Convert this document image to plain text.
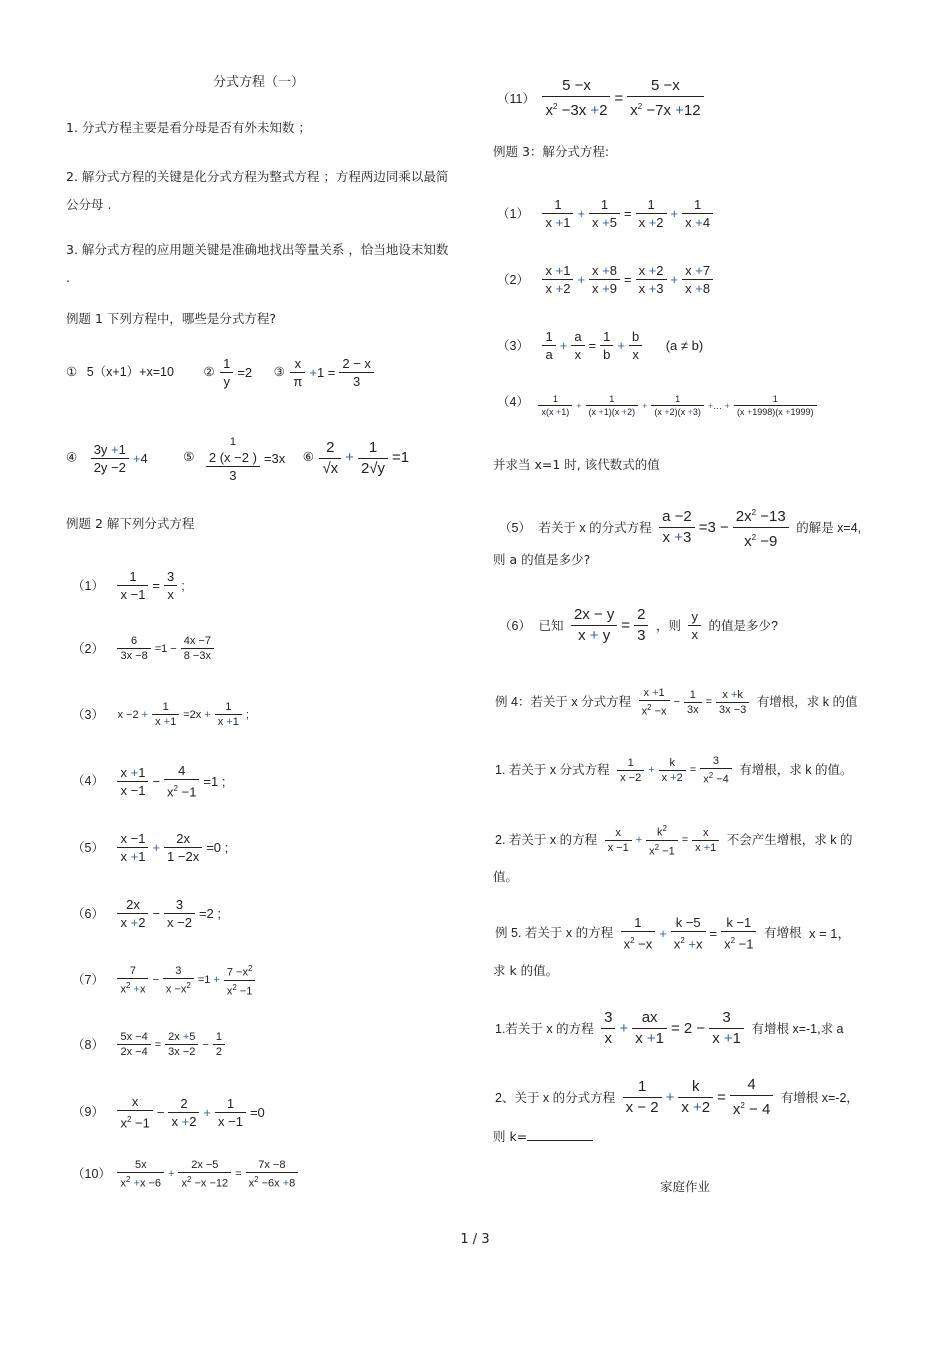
分式方程（一）
1. 分式方程主要是看分母是否有外未知数 ；
2. 解分式方程的关键是化分式方程为整式方程 ；方程两边同乘以最简公分母 .
3. 解分式方程的应用题关键是准确地找出等量关系 ，恰当地设末知数 .
例题 1 下列方程中，哪些是分式方程?
① 5（x+1）+x=10 ② $\frac{1}{y} =2$ ③ $\frac{x}{\pi} +1 = \frac{2 - x}{3}$
④ $\frac{3y +1}{2y -2} +4$	⑤
1
2 (x −2 )
3
=3x ⑥ $\frac{2}{√x} + \frac{1}{2√y} =1$
例题 2 解下列分式方程
$(1) \frac{1}{x -1} = \frac{3}{x}$ ;
$(2) \frac{6}{3x -8} =1 - \frac{4x -7}{8 -3x}$
（3） $x -2 + \frac{1}{x +1} =2x + \frac{1}{x +1}$ ;
$(4) \frac{x +1}{x -1} - \frac{4}{x^2 -1} =1$ ;
$(5) \frac{x -1}{x +1} + \frac{2x}{1 -2x} =0$ ;
$(6) \frac{2x}{x +2} - \frac{3}{x -2} =2$ ;
$(7) \frac{7}{x^2 +x} - \frac{3}{x -x^2} =1 + \frac{7 -x^2}{x^2 -1}$
$(8) \frac{5x -4}{2x -4} = \frac{2x +5}{3x -2} - \frac{1}{2}$
$(9) \frac{x}{x^2 -1} - \frac{2}{x +2} + \frac{1}{x -1} =0$
$(10) \frac{5x}{x^2 +x -6} + \frac{2x -5}{x^2 -x -12} = \frac{7x -8}{x^2 -6x +8}$
$(11) \frac{5 -x}{x^2 -3x +2} = \frac{5 -x}{x^2 -7x +12}$
例题 3：解分式方程:
$(1) \frac{1}{x +1} + \frac{1}{x +5} = \frac{1}{x +2} + \frac{1}{x +4}$
$(2) \frac{x +1}{x +2} + \frac{x +8}{x +9} = \frac{x +2}{x +3} + \frac{x +7}{x +8}$
$(3) \frac{1}{a} + \frac{a}{x} = \frac{1}{b} + \frac{b}{x} (a \ne b)$
$(4) \frac{1}{x(x +1)} + \frac{1}{(x +1)(x +2)} + \frac{1}{(x +2)(x +3)}$ +… + $\frac{1}{(x +1998)(x +1999)}$
并求当 x=1 时, 该代数式的值
（5） 若关于 x 的分式方程 $\frac{a -2}{x +3} =3 - \frac{2x^2 -13}{x^2 -9}$ 的解是 x=4,
则 a 的值是多少?
（6） 已知 $\frac{2x - y}{x + y} = \frac{2}{3}$ ，则 $\frac{y}{x}$ 的值是多少?
例 4：若关于 x 分式方程 $\frac{x +1}{x^2 -x} - \frac{1}{3x} = \frac{x +k}{3x -3}$ 有增根，求 k 的值
1. 若关于 x 分式方程 $\frac{1}{x -2} + \frac{k}{x +2} = \frac{3}{x^2 -4}$ 有增根，求 k 的值。
2. 若关于 x 的方程 $\frac{x}{x -1} + \frac{k^2}{x^2 -1} = \frac{x}{x +1}$ 不会产生增根，求 k 的
值。
例 5. 若关于 x 的方程 $\frac{1}{x^2 -x} + \frac{k -5}{x^2 +x} = \frac{k -1}{x^2 -1}$ 有增根 x = 1，
求 k 的值。
1.若关于 x 的方程 $\frac{3}{x} + \frac{ax}{x +1} = 2 - \frac{3}{x +1}$ 有增根 x=-1,求 a
2、关于 x 的分式方程 $\frac{1}{x - 2} + \frac{k}{x +2} = \frac{4}{x^2 - 4}$ 有增根 x=-2，
则 k=
家庭作业
1 / 3
